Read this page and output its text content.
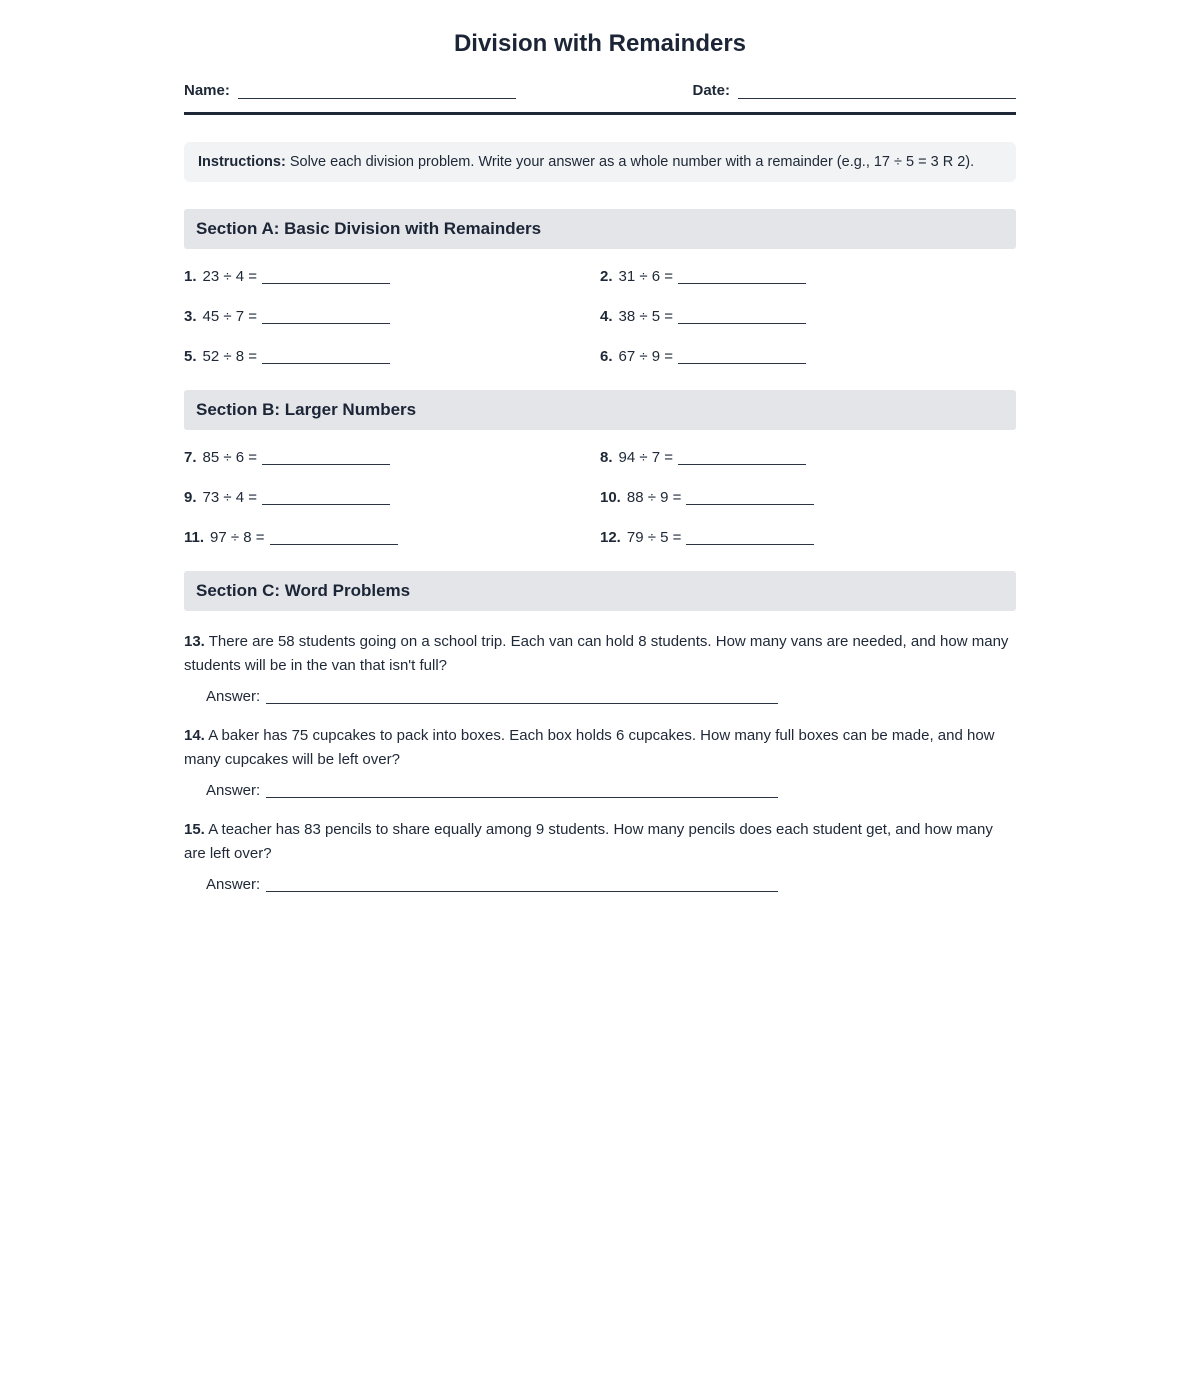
Division with Remainders
Name:	Date:
Instructions: Solve each division problem. Write your answer as a whole number with a remainder (e.g., 17 ÷ 5 = 3 R 2).
Section A: Basic Division with Remainders
1. 23 ÷ 4 =	2. 31 ÷ 6 =
3. 45 ÷ 7 =	4. 38 ÷ 5 =
5. 52 ÷ 8 =	6. 67 ÷ 9 =
Section B: Larger Numbers
7. 85 ÷ 6 =	8. 94 ÷ 7 =
9. 73 ÷ 4 =	10. 88 ÷ 9 =
11. 97 ÷ 8 =	12. 79 ÷ 5 =
Section C: Word Problems

13. There are 58 students going on a school trip. Each van can hold 8 students. How many vans are needed, and how many students will be in the van that isn't full?

Answer:

14. A baker has 75 cupcakes to pack into boxes. Each box holds 6 cupcakes. How many full boxes can be made, and how many cupcakes will be left over?

Answer:

15. A teacher has 83 pencils to share equally among 9 students. How many pencils does each student get, and how many are left over?

Answer:
